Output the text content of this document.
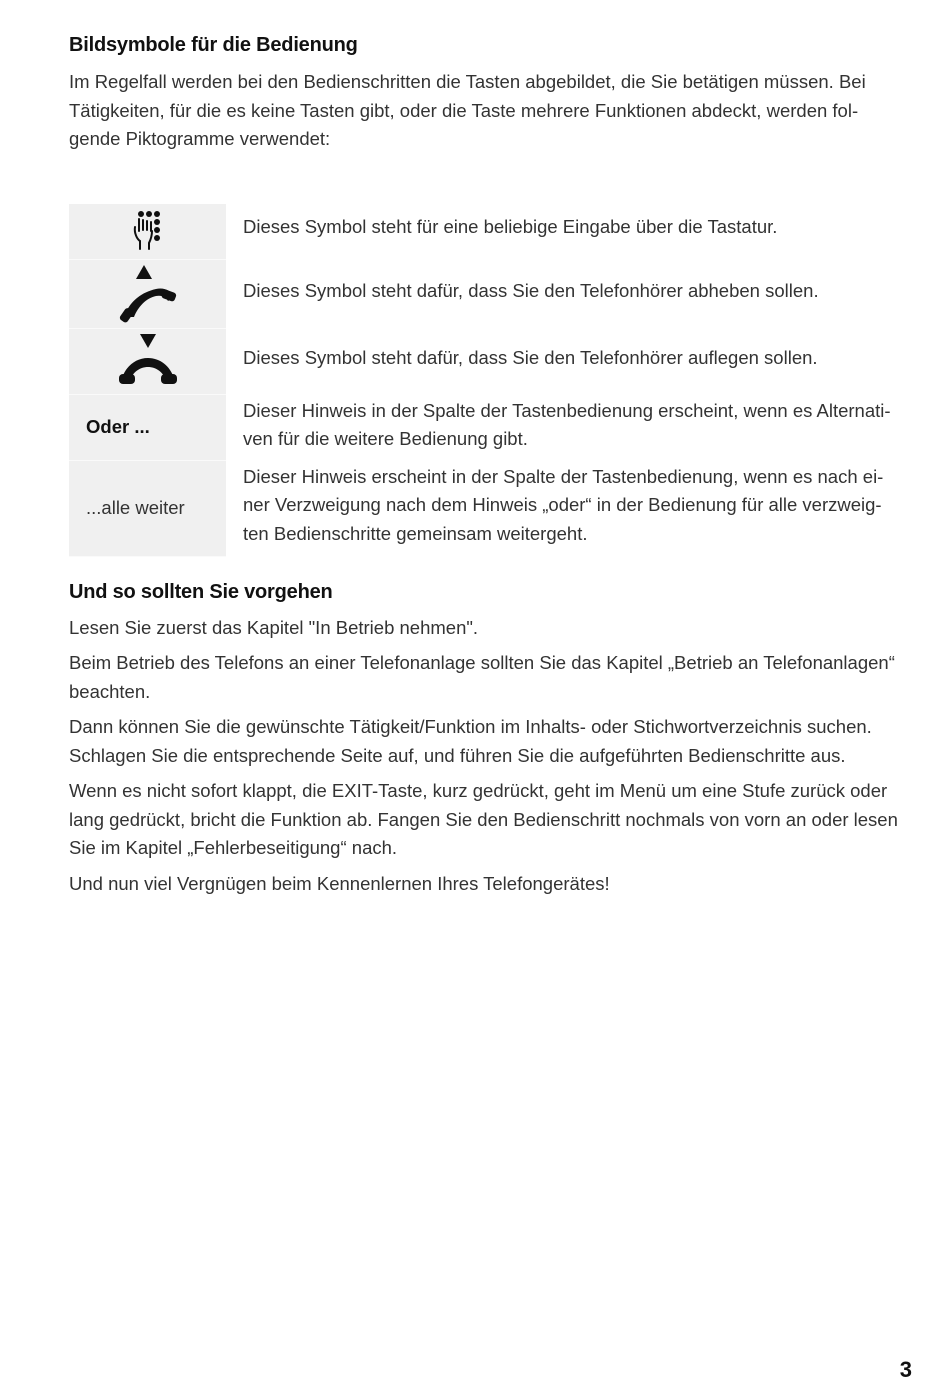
Bildsymbole für die Bedienung

Im Regelfall werden bei den Bedienschritten die Tasten abgebildet, die Sie betätigen müssen. Bei
Tätigkeiten, für die es keine Tasten gibt, oder die Taste mehrere Funktionen abdeckt, werden fol-
gende Piktogramme verwendet:

Dieses Symbol steht für eine beliebige Eingabe über die Tastatur.
Dieses Symbol steht dafür, dass Sie den Telefonhörer abheben sollen.
Dieses Symbol steht dafür, dass Sie den Telefonhörer auflegen sollen.
Oder ...
Dieser Hinweis in der Spalte der Tastenbedienung erscheint, wenn es Alternati-
ven für die weitere Bedienung gibt.
...alle weiter
Dieser Hinweis erscheint in der Spalte der Tastenbedienung, wenn es nach ei-
ner Verzweigung nach dem Hinweis „oder“ in der Bedienung für alle verzweig-
ten Bedienschritte gemeinsam weitergeht.
Und so sollten Sie vorgehen

Lesen Sie zuerst das Kapitel "In Betrieb nehmen".

Beim Betrieb des Telefons an einer Telefonanlage sollten Sie das Kapitel „Betrieb an Telefonanlagen“
beachten.

Dann können Sie die gewünschte Tätigkeit/Funktion im Inhalts- oder Stichwortverzeichnis suchen.
Schlagen Sie die entsprechende Seite auf, und führen Sie die aufgeführten Bedienschritte aus.

Wenn es nicht sofort klappt, die EXIT-Taste, kurz gedrückt, geht im Menü um eine Stufe zurück oder
lang gedrückt, bricht die Funktion ab. Fangen Sie den Bedienschritt nochmals von vorn an oder lesen
Sie im Kapitel „Fehlerbeseitigung“ nach.

Und nun viel Vergnügen beim Kennenlernen Ihres Telefongerätes!

3
